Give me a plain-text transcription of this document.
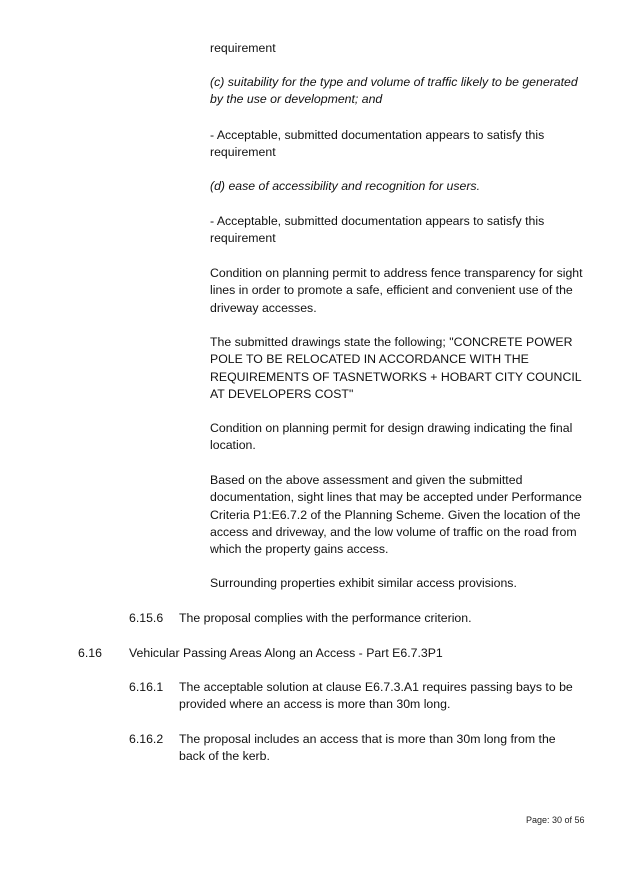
requirement

(c) suitability for the type and volume of traffic likely to be generated by the use or development; and

- Acceptable, submitted documentation appears to satisfy this requirement

(d) ease of accessibility and recognition for users.

- Acceptable, submitted documentation appears to satisfy this requirement

Condition on planning permit to address fence transparency for sight lines in order to promote a safe, efficient and convenient use of the driveway accesses.

The submitted drawings state the following; "CONCRETE POWER POLE TO BE RELOCATED IN ACCORDANCE WITH THE REQUIREMENTS OF TASNETWORKS + HOBART CITY COUNCIL AT DEVELOPERS COST"

Condition on planning permit for design drawing indicating the final location.

Based on the above assessment and given the submitted documentation, sight lines that may be accepted under Performance Criteria P1:E6.7.2 of the Planning Scheme. Given the location of the access and driveway, and the low volume of traffic on the road from which the property gains access.

Surrounding properties exhibit similar access provisions.

6.15.6 The proposal complies with the performance criterion.

6.16 Vehicular Passing Areas Along an Access - Part E6.7.3P1

6.16.1 The acceptable solution at clause E6.7.3.A1 requires passing bays to be provided where an access is more than 30m long.

6.16.2 The proposal includes an access that is more than 30m long from the back of the kerb.

Page: 30 of 56
